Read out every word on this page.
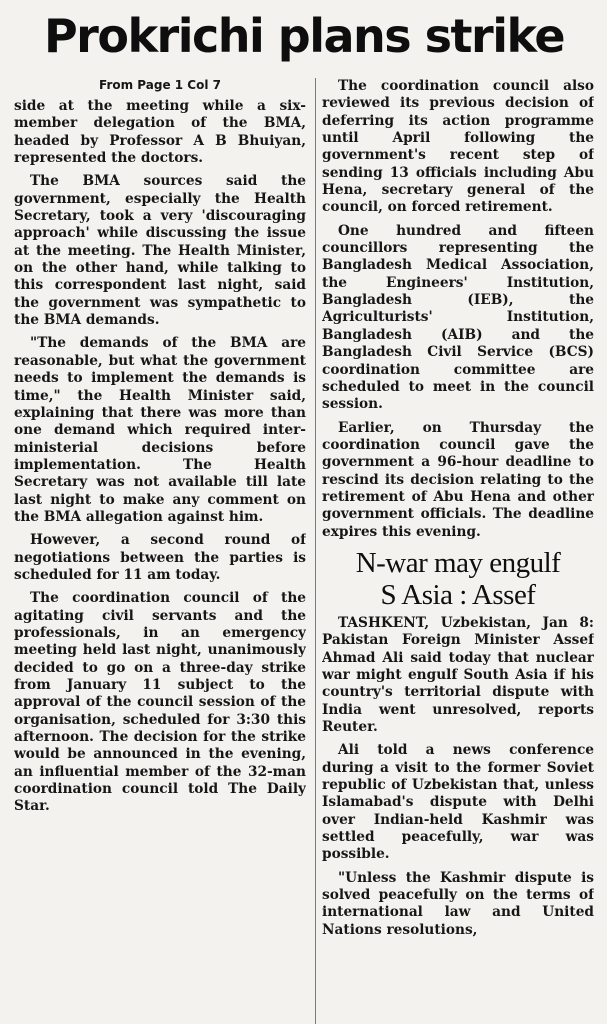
Prokrichi plans strike
From Page 1 Col 7

side at the meeting while a six-member delegation of the BMA, headed by Professor A B Bhuiyan, represented the doctors.

The BMA sources said the government, especially the Health Secretary, took a very 'discouraging approach' while discussing the issue at the meeting. The Health Minister, on the other hand, while talking to this correspondent last night, said the government was sympathetic to the BMA demands.

"The demands of the BMA are reasonable, but what the government needs to implement the demands is time," the Health Minister said, explaining that there was more than one demand which required inter-ministerial decisions before implementation. The Health Secretary was not available till late last night to make any comment on the BMA allegation against him.

However, a second round of negotiations between the parties is scheduled for 11 am today.

The coordination council of the agitating civil servants and the professionals, in an emergency meeting held last night, unanimously decided to go on a three-day strike from January 11 subject to the approval of the council session of the organisation, scheduled for 3:30 this afternoon. The decision for the strike would be announced in the evening, an influential member of the 32-man coordination council told The Daily Star.

The coordination council also reviewed its previous decision of deferring its action programme until April following the government's recent step of sending 13 officials including Abu Hena, secretary general of the council, on forced retirement.

One hundred and fifteen councillors representing the Bangladesh Medical Association, the Engineers' Institution, Bangladesh (IEB), the Agriculturists' Institution, Bangladesh (AIB) and the Bangladesh Civil Service (BCS) coordination committee are scheduled to meet in the council session.

Earlier, on Thursday the coordination council gave the government a 96-hour deadline to rescind its decision relating to the retirement of Abu Hena and other government officials. The deadline expires this evening.

N-war may engulf
S Asia : Assef

TASHKENT, Uzbekistan, Jan 8: Pakistan Foreign Minister Assef Ahmad Ali said today that nuclear war might engulf South Asia if his country's territorial dispute with India went unresolved, reports Reuter.

Ali told a news conference during a visit to the former Soviet republic of Uzbekistan that, unless Islamabad's dispute with Delhi over Indian-held Kashmir was settled peacefully, war was possible.

"Unless the Kashmir dispute is solved peacefully on the terms of international law and United Nations resolutions,
